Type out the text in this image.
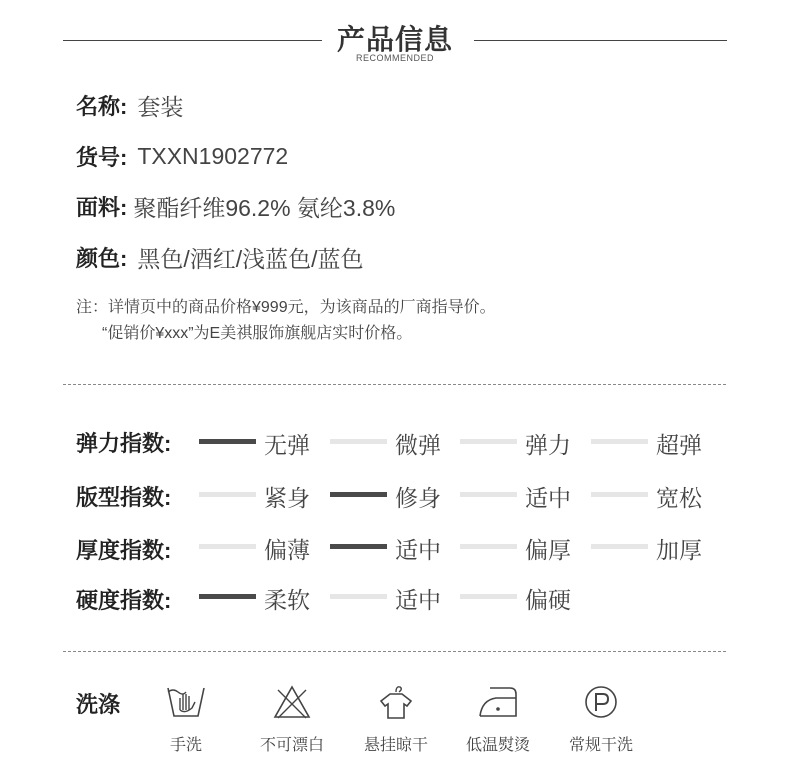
产品信息
RECOMMENDED
名称: 套装
货号: TXXN1902772
面料: 聚酯纤维96.2% 氨纶3.8%
颜色: 黑色/酒红/浅蓝色/蓝色
注：详情页中的商品价格¥999元，为该商品的厂商指导价。
“促销价¥xxx”为E美祺服饰旗舰店实时价格。
弹力指数:	无弹	微弹	弹力	超弹
版型指数:	紧身	修身	适中	宽松
厚度指数:	偏薄	适中	偏厚	加厚
硬度指数:	柔软	适中	偏硬
洗涤
手洗	不可漂白	悬挂晾干	低温熨烫	常规干洗
